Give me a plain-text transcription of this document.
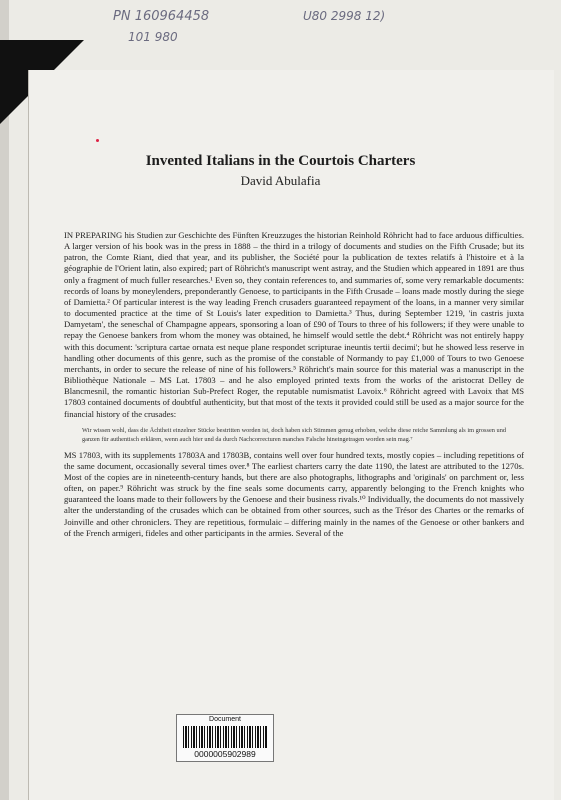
PN 160964458
101 980
U80 2998 12)
Invented Italians in the Courtois Charters
David Abulafia

IN PREPARING his Studien zur Geschichte des Fünften Kreuzzuges the historian Reinhold Röhricht had to face arduous difficulties. A larger version of his book was in the press in 1888 – the third in a trilogy of documents and studies on the Fifth Crusade; but its patron, the Comte Riant, died that year, and its publisher, the Société pour la publication de textes relatifs à l'histoire et à la géographie de l'Orient latin, also expired; part of Röhricht's manuscript went astray, and the Studien which appeared in 1891 are thus only a fragment of much fuller researches.¹ Even so, they contain references to, and summaries of, some very remarkable documents: records of loans by moneylenders, preponderantly Genoese, to participants in the Fifth Crusade – loans made mostly during the siege of Damietta.² Of particular interest is the way leading French crusaders guaranteed repayment of the loans, in a manner very similar to documented practice at the time of St Louis's later expedition to Damietta.³ Thus, during September 1219, 'in castris juxta Damyetam', the seneschal of Champagne appears, sponsoring a loan of £90 of Tours to three of his followers; if they were unable to repay the Genoese bankers from whom the money was obtained, he himself would settle the debt.⁴ Röhricht was not entirely happy with this document: 'scriptura cartae ornata est neque plane respondet scripturae ineuntis tertii decimi'; but he showed less reserve in handling other documents of this genre, such as the promise of the constable of Normandy to pay £1,000 of Tours to two Genoese merchants, in order to secure the release of nine of his followers.⁵ Röhricht's main source for this material was a manuscript in the Bibliothèque Nationale – MS Lat. 17803 – and he also employed printed texts from the works of the aristocrat Delley de Blancmesnil, the romantic historian Sub-Prefect Roger, the reputable numismatist Lavoix.⁶ Röhricht agreed with Lavoix that MS 17803 contained documents of doubtful authenticity, but that most of the texts it provided could still be used as a major source for the financial history of the crusades:

Wir wissen wohl, dass die Ächtheit einzelner Stücke bestritten worden ist, doch haben sich Stimmen genug erhoben, welche diese reiche Sammlung als im grossen und ganzen für authentisch erklären, wenn auch hier und da durch Nachcorrecturen manches Falsche hineingetragen worden sein mag.⁷

MS 17803, with its supplements 17803A and 17803B, contains well over four hundred texts, mostly copies – including repetitions of the same document, occasionally several times over.⁸ The earliest charters carry the date 1190, the latest are attributed to the 1270s. Most of the copies are in nineteenth-century hands, but there are also photographs, lithographs and 'originals' on parchment or, less often, on paper.⁹ Röhricht was struck by the fine seals some documents carry, apparently belonging to the French knights who guaranteed the loans made to their followers by the Genoese and their business rivals.¹⁰ Individually, the documents do not massively alter the understanding of the crusades which can be obtained from other sources, such as the Trésor des Chartes or the remarks of Joinville and other chroniclers. They are repetitious, formulaic – differing mainly in the names of the Genoese or other bankers and of the French armigeri, fideles and other participants in the armies. Several of the

Document
0000005902989
